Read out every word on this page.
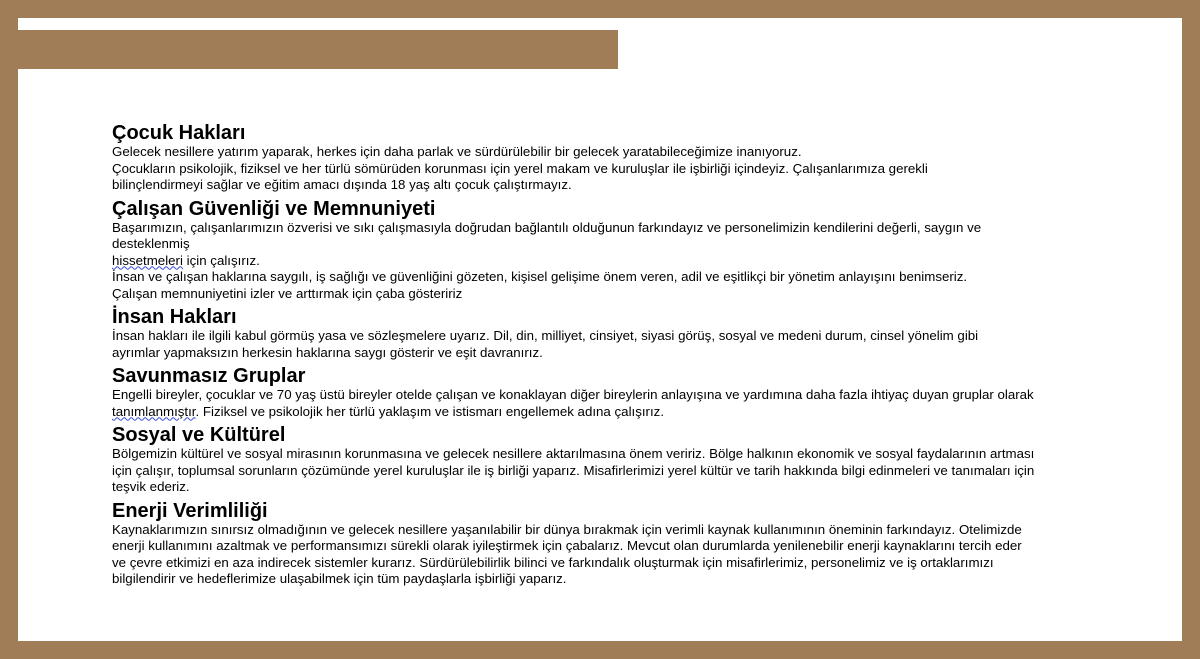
Çocuk Hakları

Gelecek nesillere yatırım yaparak, herkes için daha parlak ve sürdürülebilir bir gelecek yaratabileceğimize inanıyoruz.

Çocukların psikolojik, fiziksel ve her türlü sömürüden korunması için yerel makam ve kuruluşlar ile işbirliği içindeyiz. Çalışanlarımıza gerekli

bilinçlendirmeyi sağlar ve eğitim amacı dışında 18 yaş altı çocuk çalıştırmayız.

Çalışan Güvenliği ve Memnuniyeti

Başarımızın, çalışanlarımızın özverisi ve sıkı çalışmasıyla doğrudan bağlantılı olduğunun farkındayız ve personelimizin kendilerini değerli, saygın ve

desteklenmiş

hissetmeleri için çalışırız.

İnsan ve çalışan haklarına saygılı, iş sağlığı ve güvenliğini gözeten, kişisel gelişime önem veren, adil ve eşitlikçi bir yönetim anlayışını benimseriz.

Çalışan memnuniyetini izler ve arttırmak için çaba gösteririz

İnsan Hakları

İnsan hakları ile ilgili kabul görmüş yasa ve sözleşmelere uyarız. Dil, din, milliyet, cinsiyet, siyasi görüş, sosyal ve medeni durum, cinsel yönelim gibi

ayrımlar yapmaksızın herkesin haklarına saygı gösterir ve eşit davranırız.

Savunmasız Gruplar

Engelli bireyler, çocuklar ve 70 yaş üstü bireyler otelde çalışan ve konaklayan diğer bireylerin anlayışına ve yardımına daha fazla ihtiyaç duyan gruplar olarak

tanımlanmıştır. Fiziksel ve psikolojik her türlü yaklaşım ve istismarı engellemek adına çalışırız.

Sosyal ve Kültürel

Bölgemizin kültürel ve sosyal mirasının korunmasına ve gelecek nesillere aktarılmasına önem veririz. Bölge halkının ekonomik ve sosyal faydalarının artması

için çalışır, toplumsal sorunların çözümünde yerel kuruluşlar ile iş birliği yaparız. Misafirlerimizi yerel kültür ve tarih hakkında bilgi edinmeleri ve tanımaları için

teşvik ederiz.

Enerji Verimliliği

Kaynaklarımızın sınırsız olmadığının ve gelecek nesillere yaşanılabilir bir dünya bırakmak için verimli kaynak kullanımının öneminin farkındayız. Otelimizde

enerji kullanımını azaltmak ve performansımızı sürekli olarak iyileştirmek için çabalarız. Mevcut olan durumlarda yenilenebilir enerji kaynaklarını tercih eder

ve çevre etkimizi en aza indirecek sistemler kurarız. Sürdürülebilirlik bilinci ve farkındalık oluşturmak için misafirlerimiz, personelimiz ve iş ortaklarımızı

bilgilendirir ve hedeflerimize ulaşabilmek için tüm paydaşlarla işbirliği yaparız.
